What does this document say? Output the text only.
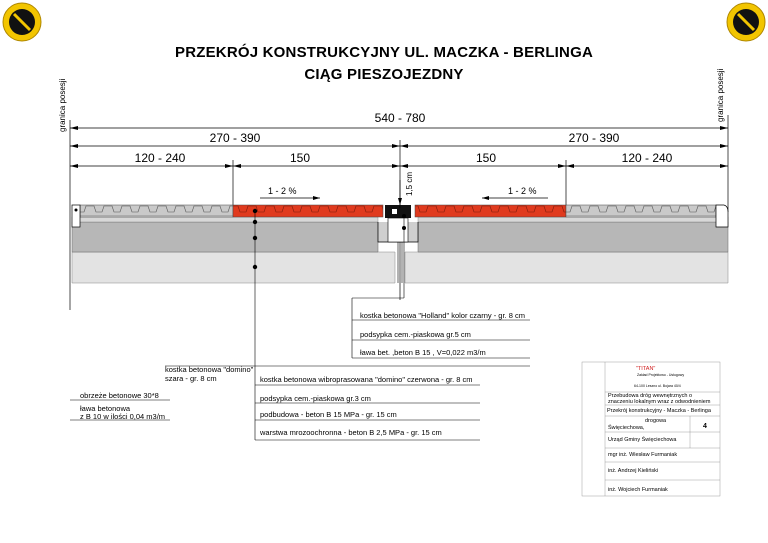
PRZEKRÓJ KONSTRUKCYJNY UL. MACZKA - BERLINGA
CIĄG PIESZOJEZDNY
granica posesji	granica posesji
540 - 780
270 - 390	270 - 390
120 - 240	150	150	120 - 240
1,5 cm
1 - 2 %	1 - 2 %
kostka betonowa "Holland" kolor czarny - gr. 8 cm
podsypka cem.-piaskowa gr.5 cm
ława bet. ,beton B 15 , V=0,022 m3/m
kostka betonowa "domino"
szara - gr. 8 cm	kostka betonowa wibroprasowana "domino" czerwona - gr. 8 cm
podsypka cem.-piaskowa gr.3 cm
podbudowa - beton B 15 MPa - gr. 15 cm
warstwa mrozoochronna - beton B 2,5 MPa - gr. 15 cm
obrzeże betonowe 30*8
ława betonowa
z B 10 w ilości 0,04 m3/m
"TITAN"
Zakład Projektowo - Usługowy
64-100 Leszno ul. Bojara 40/4
Przebudowa dróg wewnętrznych o
znaczeniu lokalnym wraz z odwodnieniem
Przekrój konstrukcyjny - Maczka - Berlinga
drogowa
Święciechowa,	4
Urząd Gminy Święciechowa
mgr inż. Wiesław Furmaniak
inż. Andrzej Kieliński
inż. Wojciech Furmaniak
